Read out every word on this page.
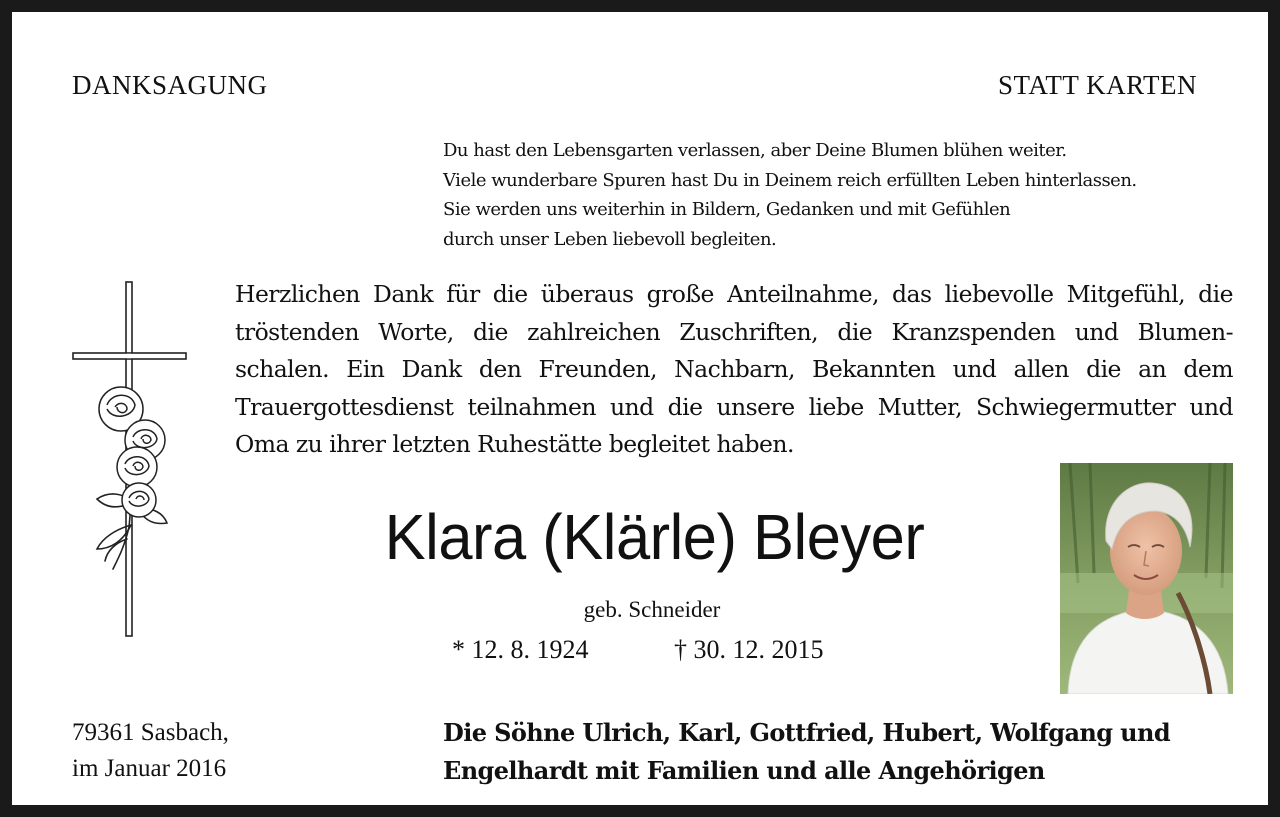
DANKSAGUNG	STATT KARTEN
Du hast den Lebensgarten verlassen, aber Deine Blumen blühen weiter.
Viele wunderbare Spuren hast Du in Deinem reich erfüllten Leben hinterlassen.
Sie werden uns weiterhin in Bildern, Gedanken und mit Gefühlen
durch unser Leben liebevoll begleiten.
Herzlichen Dank für die überaus große Anteilnahme, das liebevolle Mitgefühl, die
tröstenden Worte, die zahlreichen Zuschriften, die Kranzspenden und Blumen-
schalen. Ein Dank den Freunden, Nachbarn, Bekannten und allen die an dem
Trauergottesdienst teilnahmen und die unsere liebe Mutter, Schwiegermutter und
Oma zu ihrer letzten Ruhestätte begleitet haben.
Klara (Klärle) Bleyer
geb. Schneider
* 12. 8. 1924	† 30. 12. 2015
79361 Sasbach,
im Januar 2016
Die Söhne Ulrich, Karl, Gottfried, Hubert, Wolfgang und
Engelhardt mit Familien und alle Angehörigen
